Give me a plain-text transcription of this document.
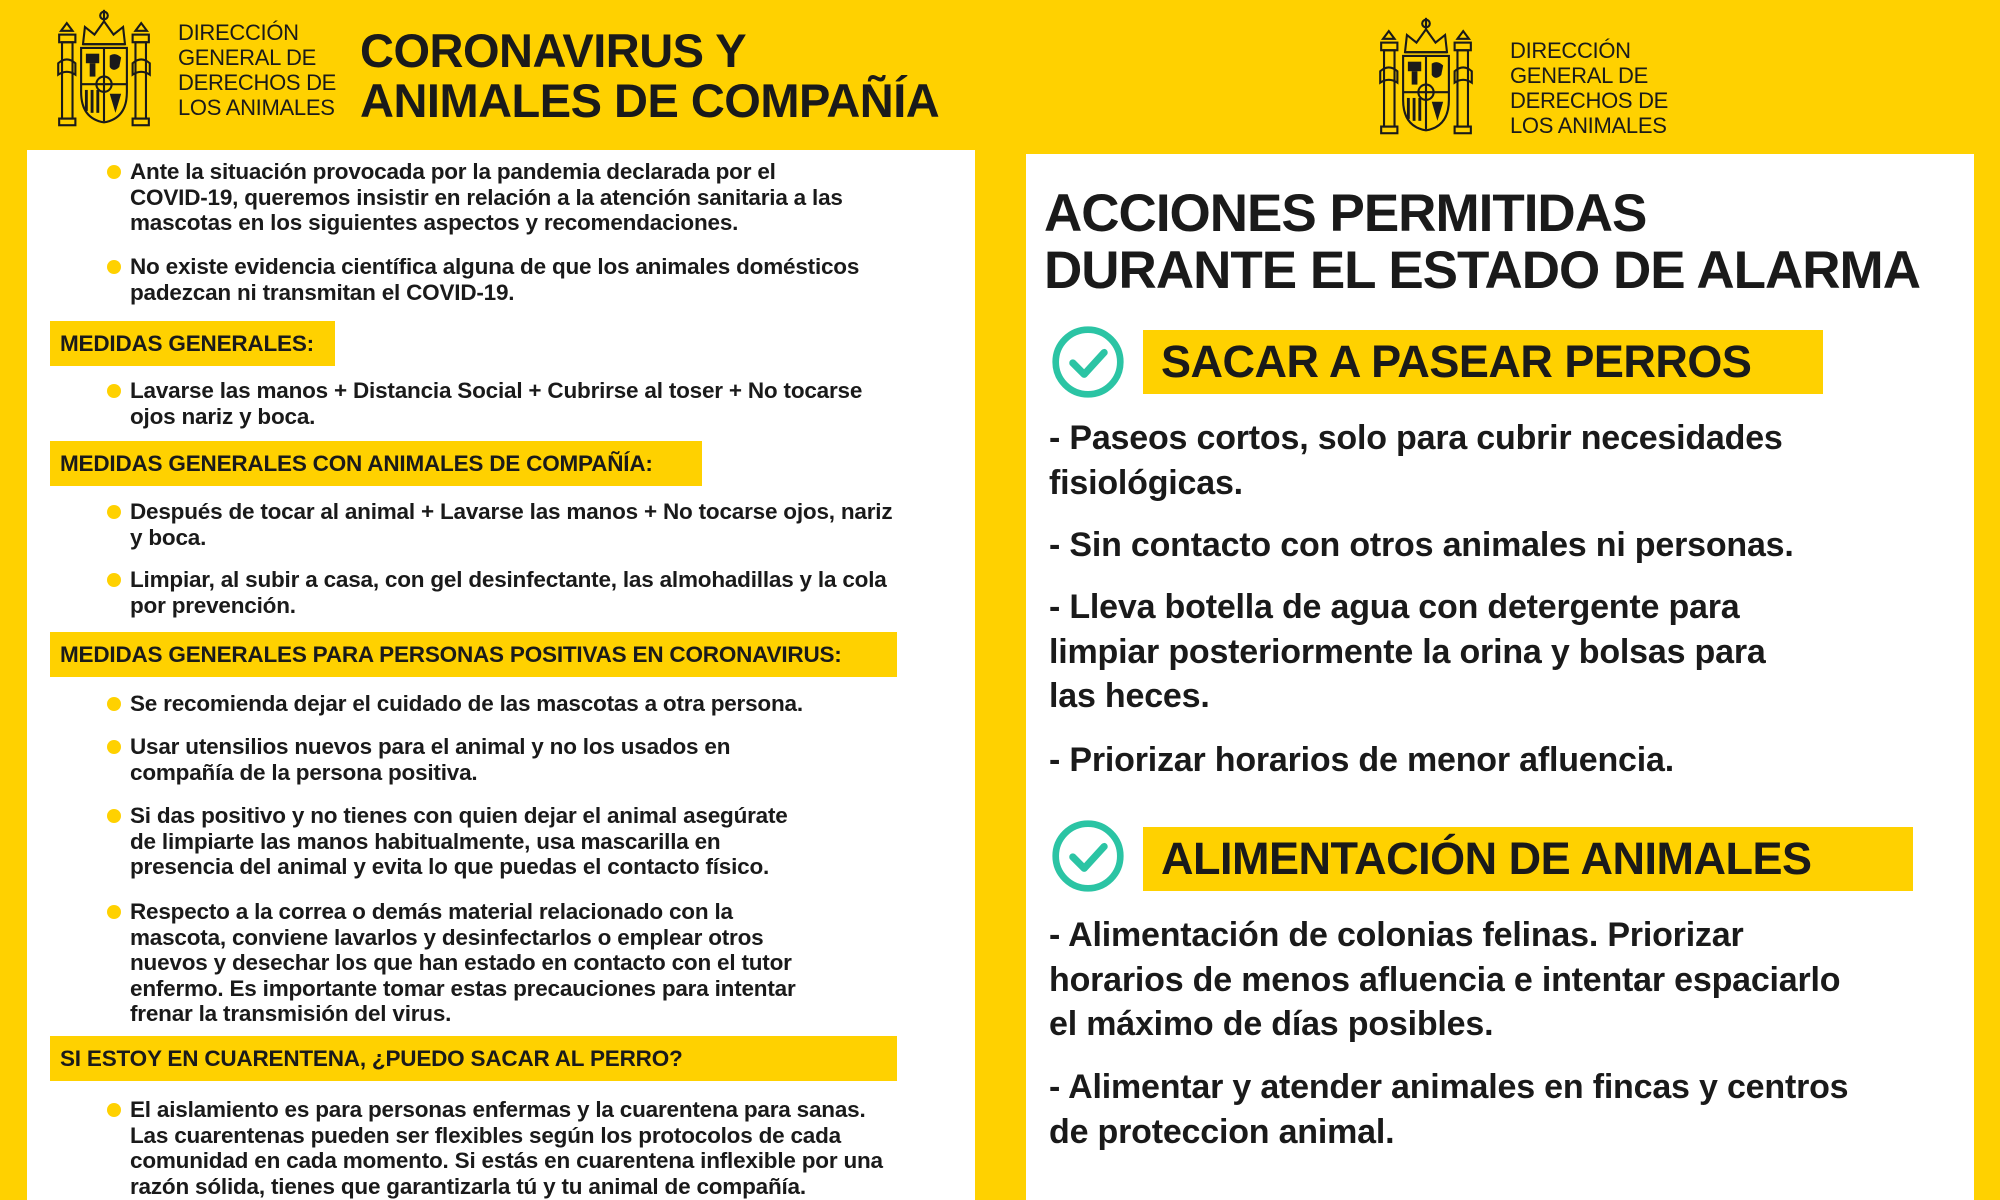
DIRECCIÓN
GENERAL DE
DERECHOS DE
LOS ANIMALES
CORONAVIRUS Y
ANIMALES DE COMPAÑÍA
DIRECCIÓN
GENERAL DE
DERECHOS DE
LOS ANIMALES
Ante la situación provocada por la pandemia declarada por el
COVID-19, queremos insistir en relación a la atención sanitaria a las
mascotas en los siguientes aspectos y recomendaciones.
No existe evidencia científica alguna de que los animales domésticos
padezcan ni transmitan el COVID-19.
MEDIDAS GENERALES:
Lavarse las manos + Distancia Social + Cubrirse al toser + No tocarse
ojos nariz y boca.
MEDIDAS GENERALES CON ANIMALES DE COMPAÑÍA:
Después de tocar al animal + Lavarse las manos + No tocarse ojos, nariz
y boca.
Limpiar, al subir a casa, con gel desinfectante, las almohadillas y la cola
por prevención.
MEDIDAS GENERALES PARA PERSONAS POSITIVAS EN CORONAVIRUS:
Se recomienda dejar el cuidado de las mascotas a otra persona.
Usar utensilios nuevos para el animal y no los usados en
compañía de la persona positiva.
Si das positivo y no tienes con quien dejar el animal asegúrate
de limpiarte las manos habitualmente, usa mascarilla en
presencia del animal y evita lo que puedas el contacto físico.
Respecto a la correa o demás material relacionado con la
mascota, conviene lavarlos y desinfectarlos o emplear otros
nuevos y desechar los que han estado en contacto con el tutor
enfermo. Es importante tomar estas precauciones para intentar
frenar la transmisión del virus.
SI ESTOY EN CUARENTENA, ¿PUEDO SACAR AL PERRO?
El aislamiento es para personas enfermas y la cuarentena para sanas.
Las cuarentenas pueden ser flexibles según los protocolos de cada
comunidad en cada momento. Si estás en cuarentena inflexible por una
razón sólida, tienes que garantizarla tú y tu animal de compañía.
ACCIONES PERMITIDAS
DURANTE EL ESTADO DE ALARMA
SACAR A PASEAR PERROS
- Paseos cortos, solo para cubrir necesidades
fisiológicas.
- Sin contacto con otros animales ni personas.
- Lleva botella de agua con detergente para
limpiar posteriormente la orina y bolsas para
las heces.
- Priorizar horarios de menor afluencia.
ALIMENTACIÓN DE ANIMALES
- Alimentación de colonias felinas. Priorizar
horarios de menos afluencia e intentar espaciarlo
el máximo de días posibles.
- Alimentar y atender animales en fincas y centros
de proteccion animal.
